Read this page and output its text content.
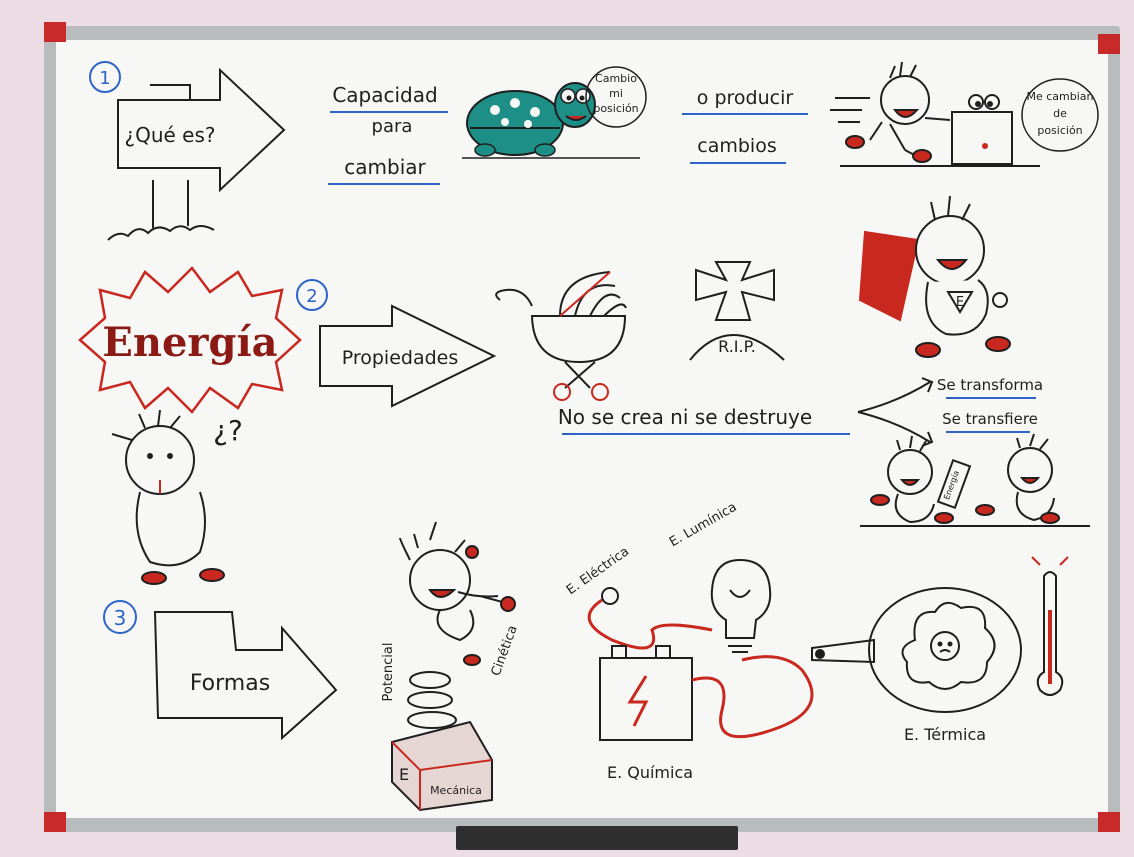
1
¿Qué es?
Capacidad
para
cambiar
Cambio
mi
posición	o producir
cambios
Me cambian
de
posición
Energía
2
Propiedades
R.I.P.
No se crea ni se destruye
Se transforma
Se transfiere
E
¿?
Energía
3
Formas	Potencial	Cinética
E
Mecánica
E. Eléctrica
E. Lumínica
E. Química
E. Térmica
